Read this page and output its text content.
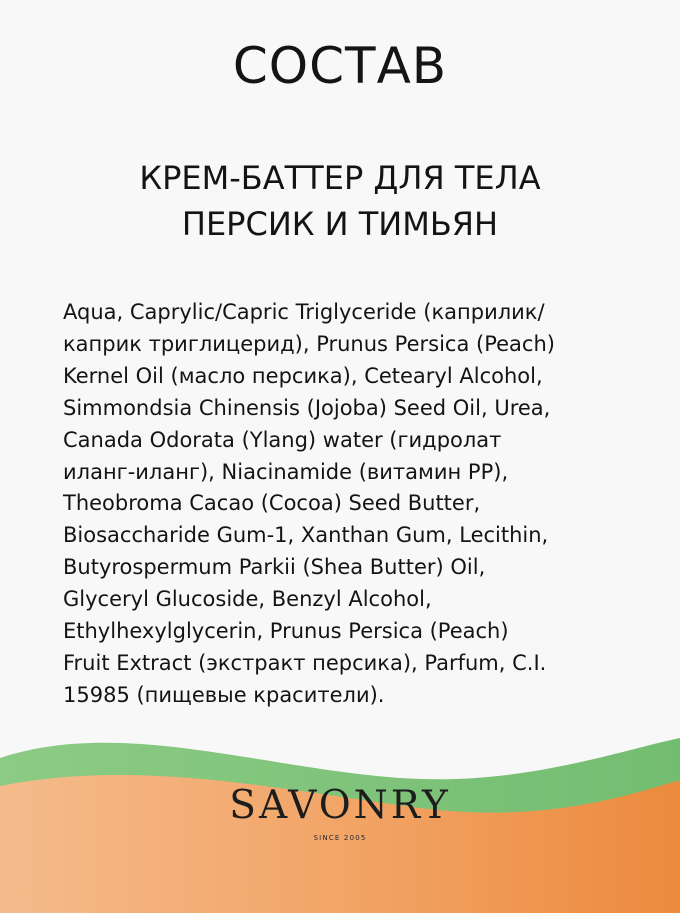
СОСТАВ
КРЕМ-БАТТЕР ДЛЯ ТЕЛА
ПЕРСИК И ТИМЬЯН

Aqua, Caprylic/Capric Triglyceride (каприлик/
каприк триглицерид), Prunus Persica (Peach)
Kernel Oil (масло персика), Cetearyl Alcohol,
Simmondsia Chinensis (Jojoba) Seed Oil, Urea,
Canada Odorata (Ylang) water (гидролат
иланг-иланг), Niacinamide (витамин PP),
Theobroma Cacao (Cocoa) Seed Butter,
Biosaccharide Gum-1, Xanthan Gum, Lecithin,
Butyrospermum Parkii (Shea Butter) Oil,
Glyceryl Glucoside, Benzyl Alcohol,
Ethylhexylglycerin, Prunus Persica (Peach)
Fruit Extract (экстракт персика), Parfum, C.I.
15985 (пищевые красители).

SAVONRY
SINCE 2005
